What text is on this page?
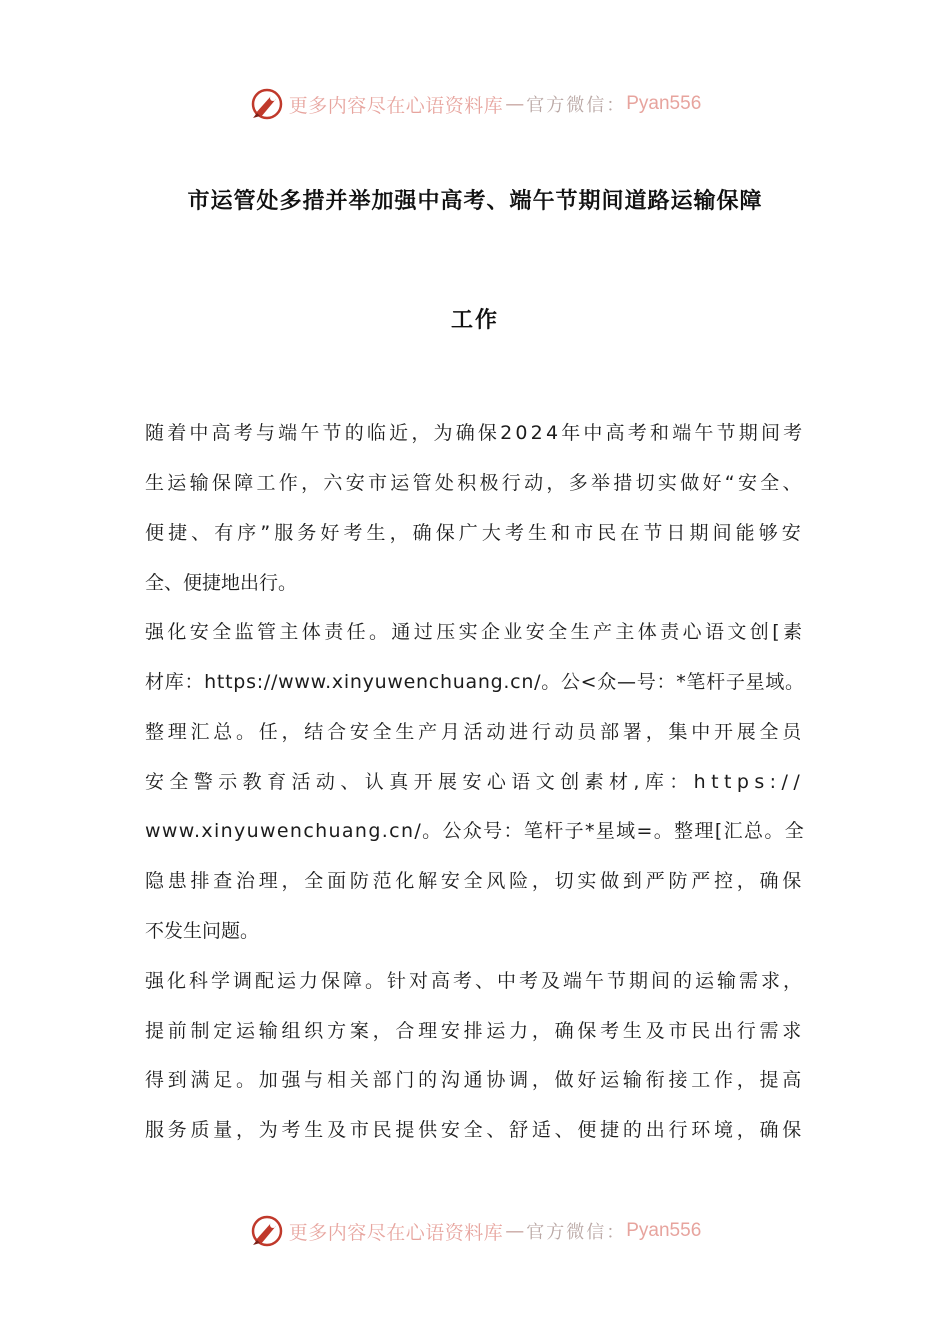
更多内容尽在心语资料库 — 官方微信： Pyan556
市运管处多措并举加强中高考、端午节期间道路运输保障
工作
随着中高考与端午节的临近，为确保2024年中高考和端午节期间考
生运输保障工作，六安市运管处积极行动，多举措切实做好“安全、
便捷、有序”服务好考生，确保广大考生和市民在节日期间能够安
全、便捷地出行。
强化安全监管主体责任。通过压实企业安全生产主体责心语文创[素
材库：https://www.xinyuwenchuang.cn/。公<众—号：*笔杆子星域。
整理汇总。任，结合安全生产月活动进行动员部署，集中开展全员
安全警示教育活动、认真开展安心语文创素材,库：https://
www.xinyuwenchuang.cn/。公众号：笔杆子*星域=。整理[汇总。全
隐患排查治理，全面防范化解安全风险，切实做到严防严控，确保
不发生问题。
强化科学调配运力保障。针对高考、中考及端午节期间的运输需求，
提前制定运输组织方案，合理安排运力，确保考生及市民出行需求
得到满足。加强与相关部门的沟通协调，做好运输衔接工作，提高
服务质量，为考生及市民提供安全、舒适、便捷的出行环境，确保
更多内容尽在心语资料库 — 官方微信： Pyan556
